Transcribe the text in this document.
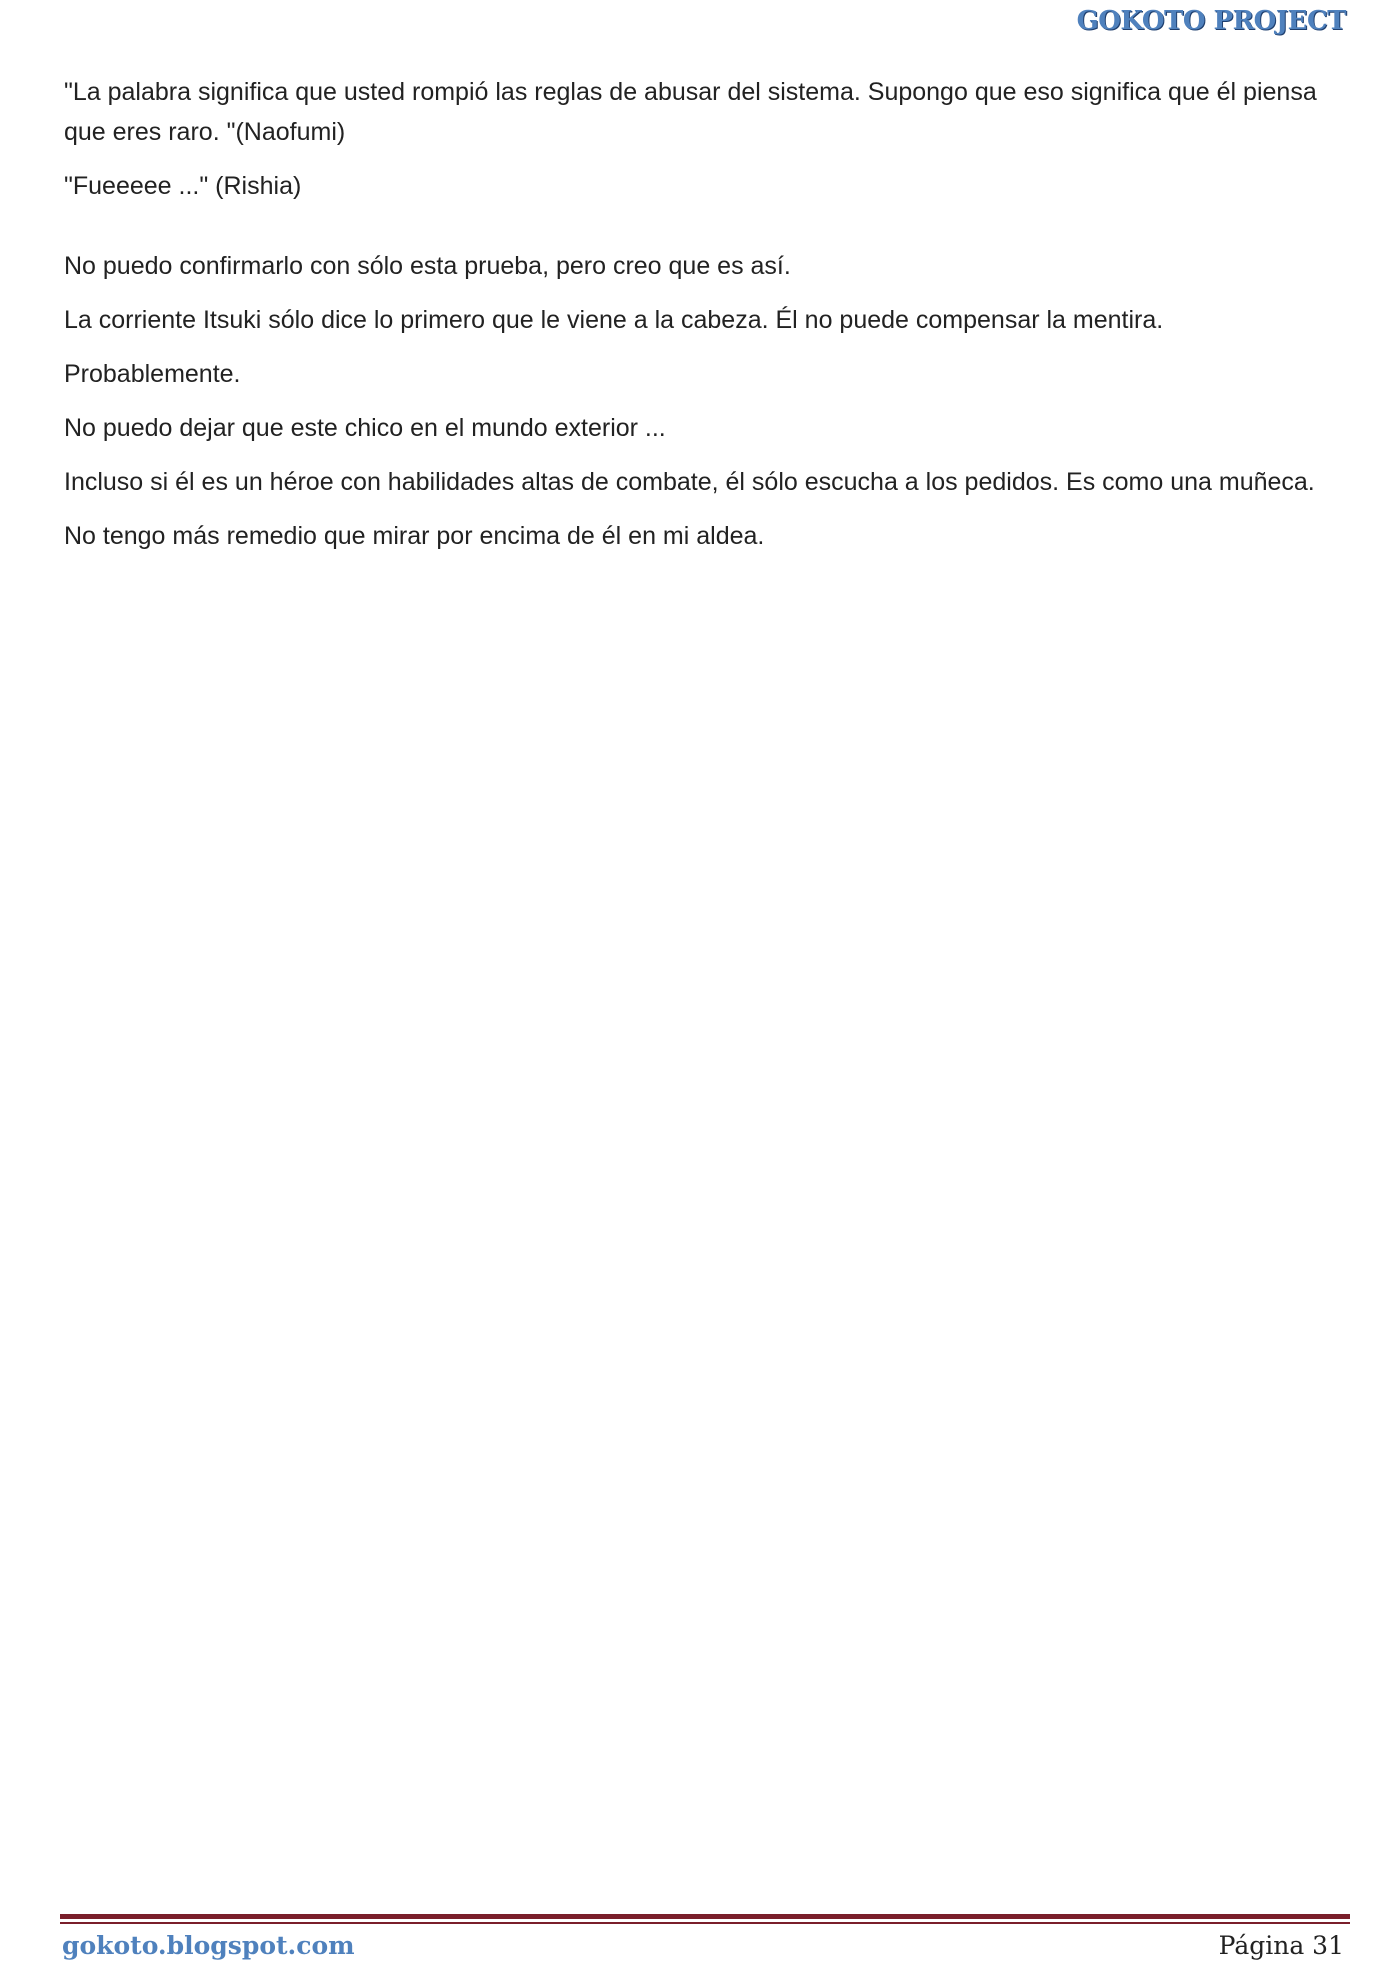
GOKOTO PROJECT

"La palabra significa que usted rompió las reglas de abusar del sistema. Supongo que eso significa que él piensa que eres raro. "(Naofumi)

"Fueeeee ..." (Rishia)

No puedo confirmarlo con sólo esta prueba, pero creo que es así.

La corriente Itsuki sólo dice lo primero que le viene a la cabeza. Él no puede compensar la mentira.

Probablemente.

No puedo dejar que este chico en el mundo exterior ...

Incluso si él es un héroe con habilidades altas de combate, él sólo escucha a los pedidos. Es como una muñeca.

No tengo más remedio que mirar por encima de él en mi aldea.

gokoto.blogspot.com	Página 31
